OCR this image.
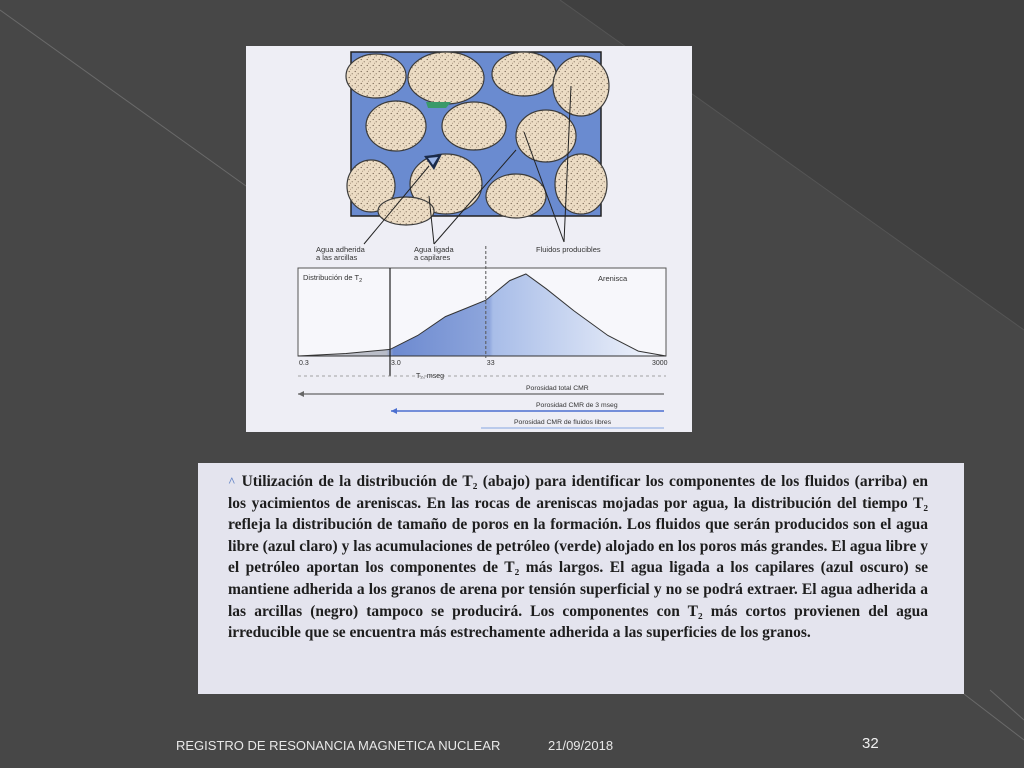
Agua adherida
a las arcillas
Agua ligada
a capilares
Fluidos producibles
Distribución de $T_2$	Arenisca
0.3	3.0	33	3000
T₂, mseg
Porosidad total CMR
Porosidad CMR de 3 mseg
Porosidad CMR de fluidos libres

^ Utilización de la distribución de T₂ (abajo) para identificar los componentes de los fluidos (arriba) en los yacimientos de areniscas. En las rocas de areniscas mojadas por agua, la distribución del tiempo T₂ refleja la distribución de tamaño de poros en la formación. Los fluidos que serán producidos son el agua libre (azul claro) y las acumulaciones de petróleo (verde) alojado en los poros más grandes. El agua libre y el petróleo aportan los componentes de T₂ más largos. El agua ligada a los capilares (azul oscuro) se mantiene adherida a los granos de arena por tensión superficial y no se podrá extraer. El agua adherida a las arcillas (negro) tampoco se producirá. Los componentes con T₂ más cortos provienen del agua irreducible que se encuentra más estrechamente adherida a las superficies de los granos.

REGISTRO DE RESONANCIA MAGNETICA NUCLEAR	21/09/2018	32
